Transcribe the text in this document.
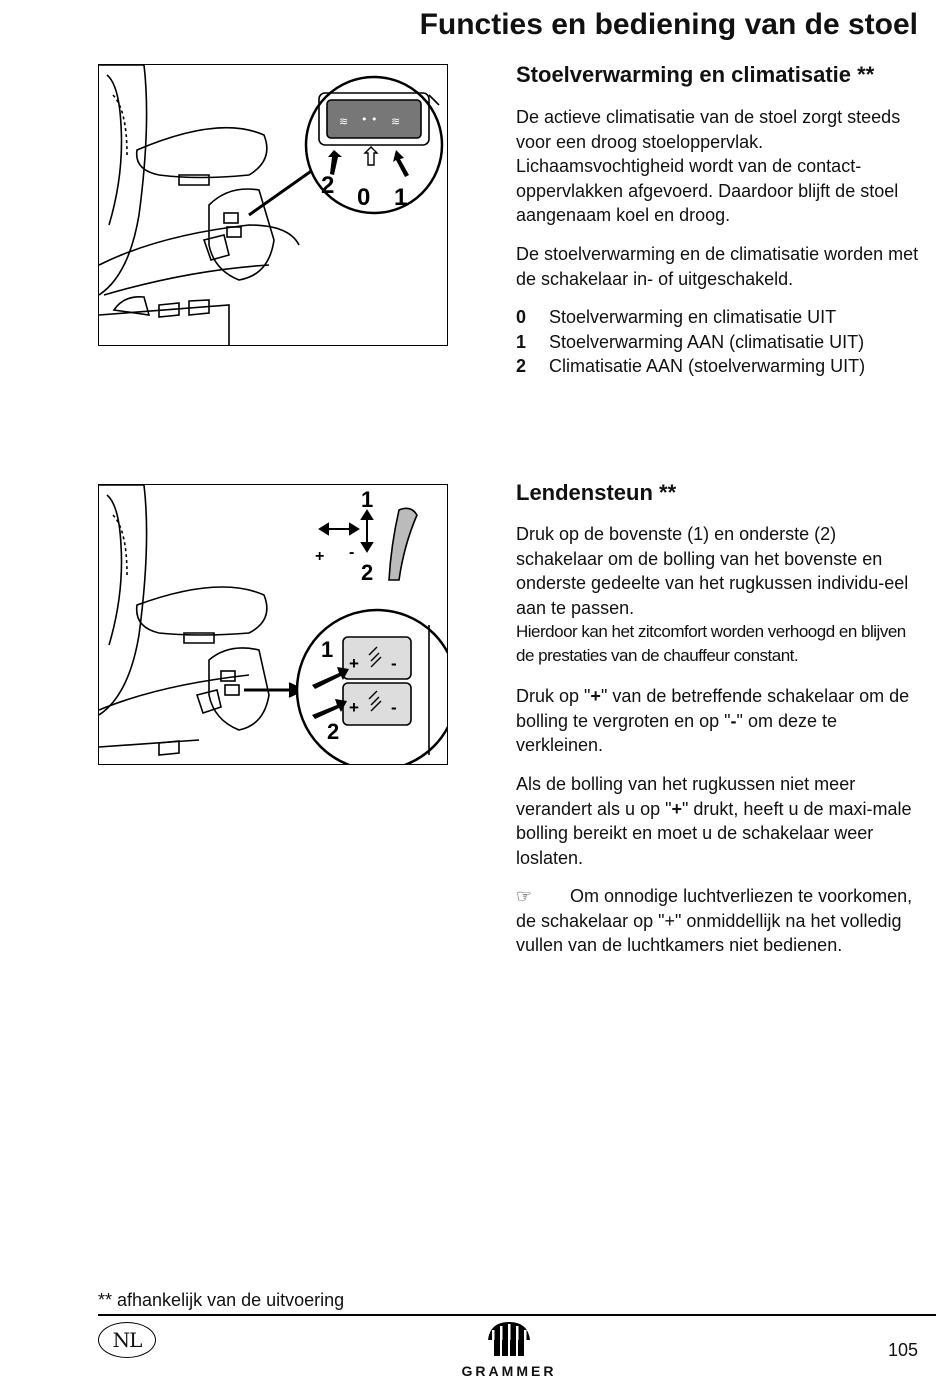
Functies en bediening van de stoel
≋ • • ≋
2 0 1
Stoelverwarming en climatisatie **

De actieve climatisatie van de stoel zorgt steeds voor een droog stoeloppervlak. Lichaamsvochtigheid wordt van de contact-oppervlakken afgevoerd. Daardoor blijft de stoel aangenaam koel en droog.

De stoelverwarming en de climatisatie worden met de schakelaar in- of uitgeschakeld.

0	Stoelverwarming en climatisatie UIT
1	Stoelverwarming AAN (climatisatie UIT)
2	Climatisatie AAN (stoelverwarming UIT)
1
2
+ -
+ -
+ -
1
2
Lendensteun **

Druk op de bovenste (1) en onderste (2) schakelaar om de bolling van het bovenste en onderste gedeelte van het rugkussen individu-eel aan te passen.

Hierdoor kan het zitcomfort worden verhoogd en blijven de prestaties van de chauffeur constant.

Druk op "+" van de betreffende schakelaar om de bolling te vergroten en op "-" om deze te verkleinen.

Als de bolling van het rugkussen niet meer verandert als u op "+" drukt, heeft u de maxi-male bolling bereikt en moet u de schakelaar weer loslaten.

☞ Om onnodige luchtverliezen te voorkomen, de schakelaar op "+" onmiddellijk na het volledig vullen van de luchtkamers niet bedienen.

** afhankelijk van de uitvoering
NL
GRAMMER
105
